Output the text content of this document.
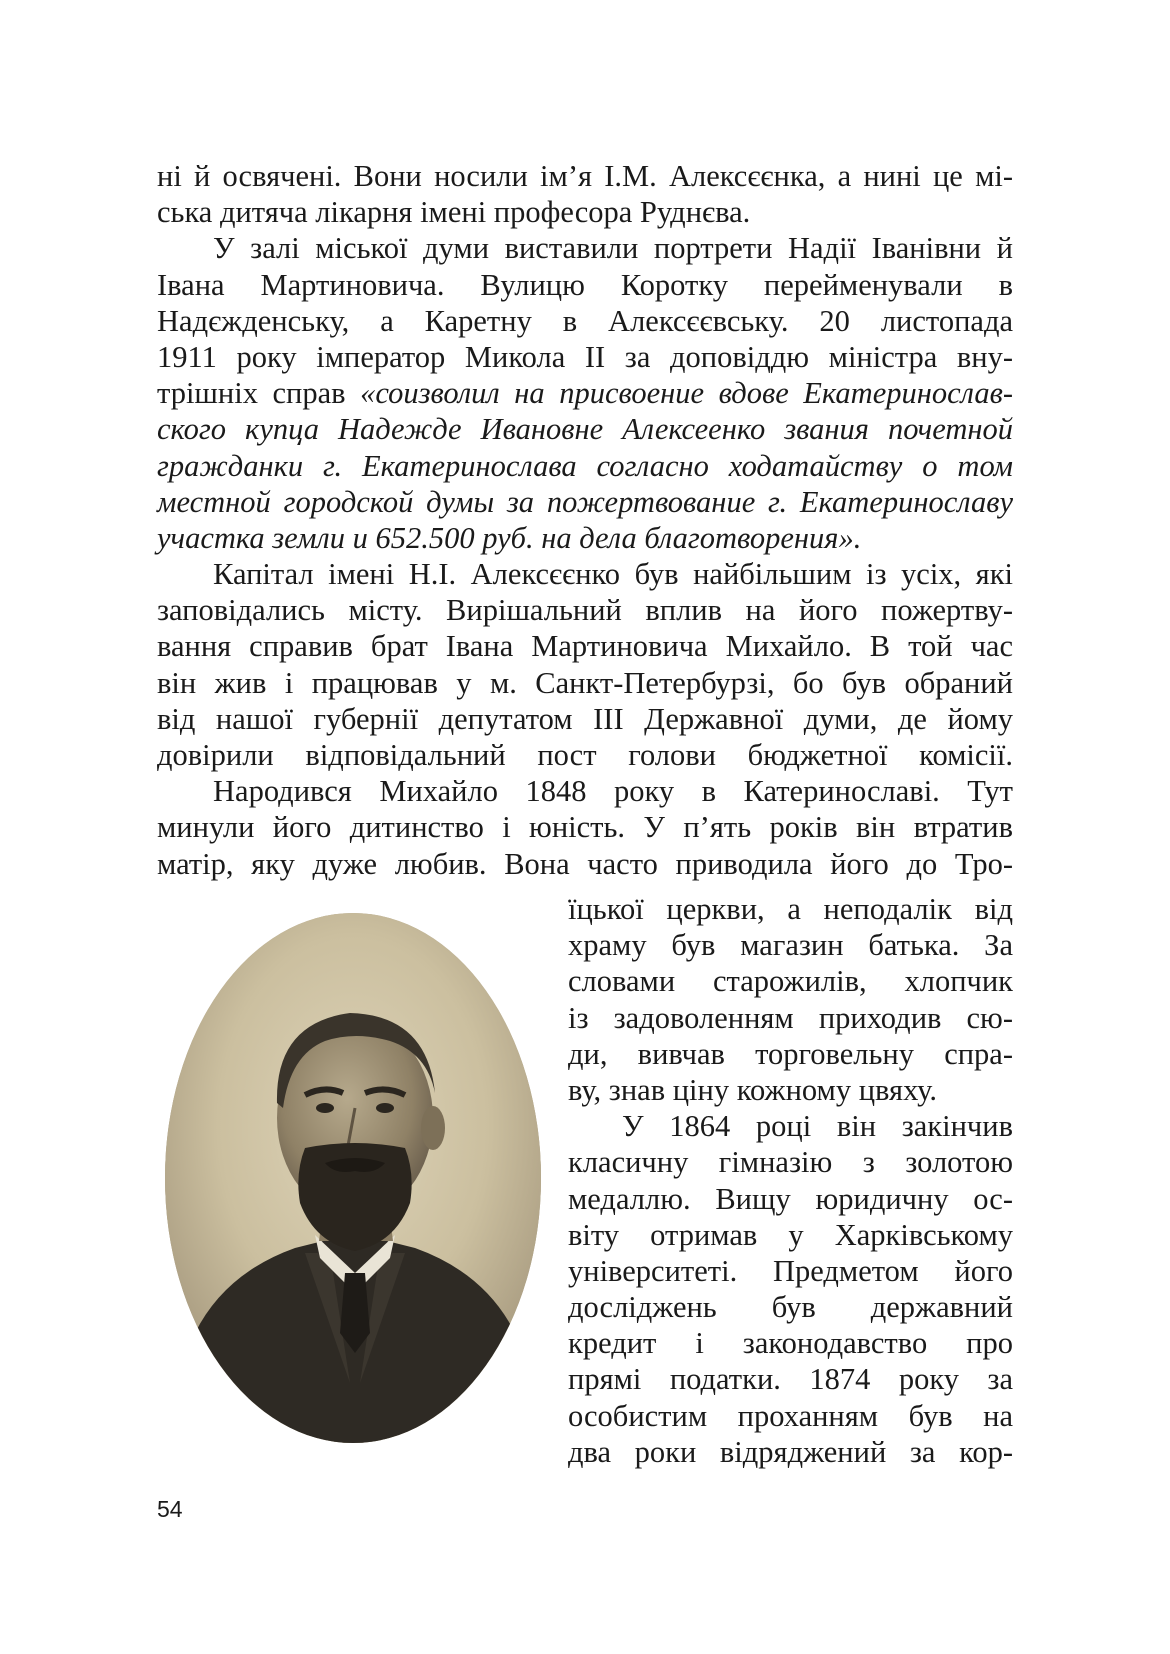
ні й освячені. Вони носили ім’я І.М. Алексєєнка, а нині це мі-
ська дитяча лікарня імені професора Руднєва.
У залі міської думи виставили портрети Надії Іванівни й
Івана Мартиновича. Вулицю Коротку перейменували в
Надєжденську, а Каретну в Алексєєвську. 20 листопада
1911 року імператор Микола ІІ за доповіддю міністра вну-
трішніх справ «соизволил на присвоение вдове Екатеринослав-
ского купца Надежде Ивановне Алексеенко звания почетной
гражданки г. Екатеринослава согласно ходатайству о том
местной городской думы за пожертвование г. Екатеринославу
участка земли и 652.500 руб. на дела благотворения».
Капітал імені Н.І. Алексєєнко був найбільшим із усіх, які
заповідались місту. Вирішальний вплив на його пожертву-
вання справив брат Івана Мартиновича Михайло. В той час
він жив і працював у м. Санкт-Петербурзі, бо був обраний
від нашої губернії депутатом ІІІ Державної думи, де йому
довірили відповідальний пост голови бюджетної комісії.
Народився Михайло 1848 року в Катеринославі. Тут
минули його дитинство і юність. У п’ять років він втратив
матір, яку дуже любив. Вона часто приводила його до Тро-
їцької церкви, а неподалік від
храму був магазин батька. За
словами старожилів, хлопчик
із задоволенням приходив сю-
ди, вивчав торговельну спра-
ву, знав ціну кожному цвяху.
У 1864 році він закінчив
класичну гімназію з золотою
медаллю. Вищу юридичну ос-
віту отримав у Харківському
університеті. Предметом його
досліджень був державний
кредит і законодавство про
прямі податки. 1874 року за
особистим проханням був на
два роки відряджений за кор-
54
